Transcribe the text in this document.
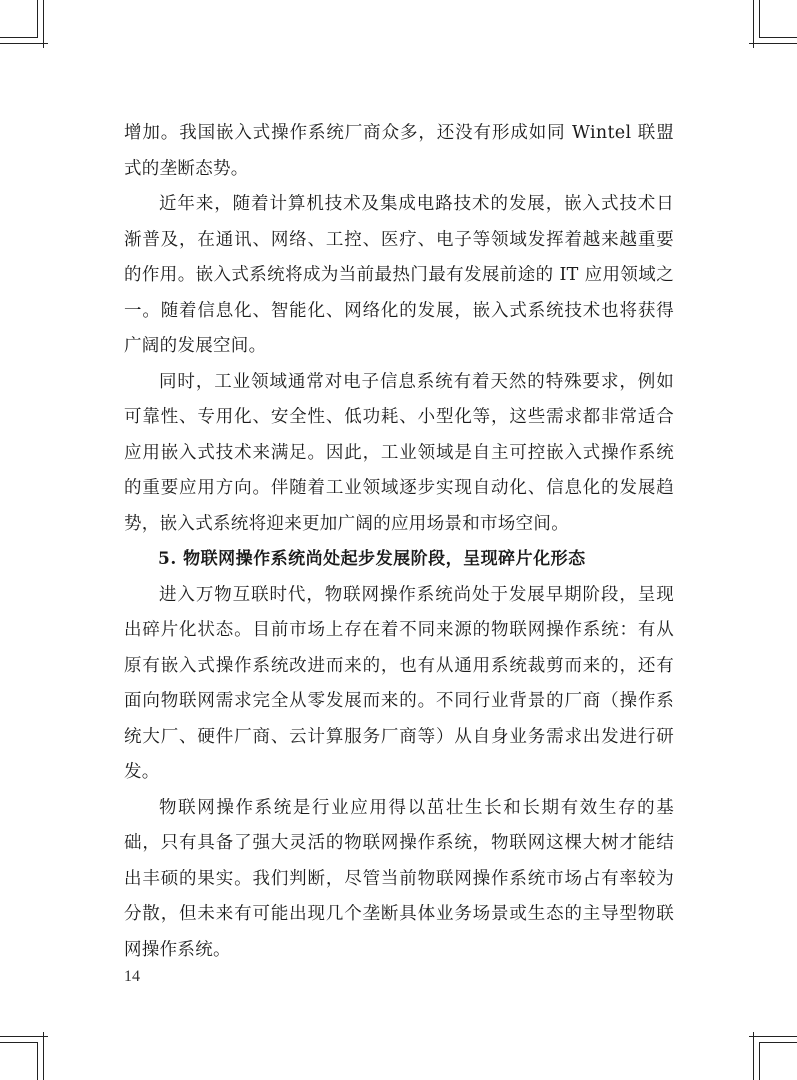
增加。我国嵌入式操作系统厂商众多，还没有形成如同 Wintel 联盟式的垄断态势。

近年来，随着计算机技术及集成电路技术的发展，嵌入式技术日渐普及，在通讯、网络、工控、医疗、电子等领域发挥着越来越重要的作用。嵌入式系统将成为当前最热门最有发展前途的 IT 应用领域之一。随着信息化、智能化、网络化的发展，嵌入式系统技术也将获得广阔的发展空间。

同时，工业领域通常对电子信息系统有着天然的特殊要求，例如可靠性、专用化、安全性、低功耗、小型化等，这些需求都非常适合应用嵌入式技术来满足。因此，工业领域是自主可控嵌入式操作系统的重要应用方向。伴随着工业领域逐步实现自动化、信息化的发展趋势，嵌入式系统将迎来更加广阔的应用场景和市场空间。

5. 物联网操作系统尚处起步发展阶段，呈现碎片化形态

进入万物互联时代，物联网操作系统尚处于发展早期阶段，呈现出碎片化状态。目前市场上存在着不同来源的物联网操作系统：有从原有嵌入式操作系统改进而来的，也有从通用系统裁剪而来的，还有面向物联网需求完全从零发展而来的。不同行业背景的厂商（操作系统大厂、硬件厂商、云计算服务厂商等）从自身业务需求出发进行研发。

物联网操作系统是行业应用得以茁壮生长和长期有效生存的基础，只有具备了强大灵活的物联网操作系统，物联网这棵大树才能结出丰硕的果实。我们判断，尽管当前物联网操作系统市场占有率较为分散，但未来有可能出现几个垄断具体业务场景或生态的主导型物联网操作系统。

14
